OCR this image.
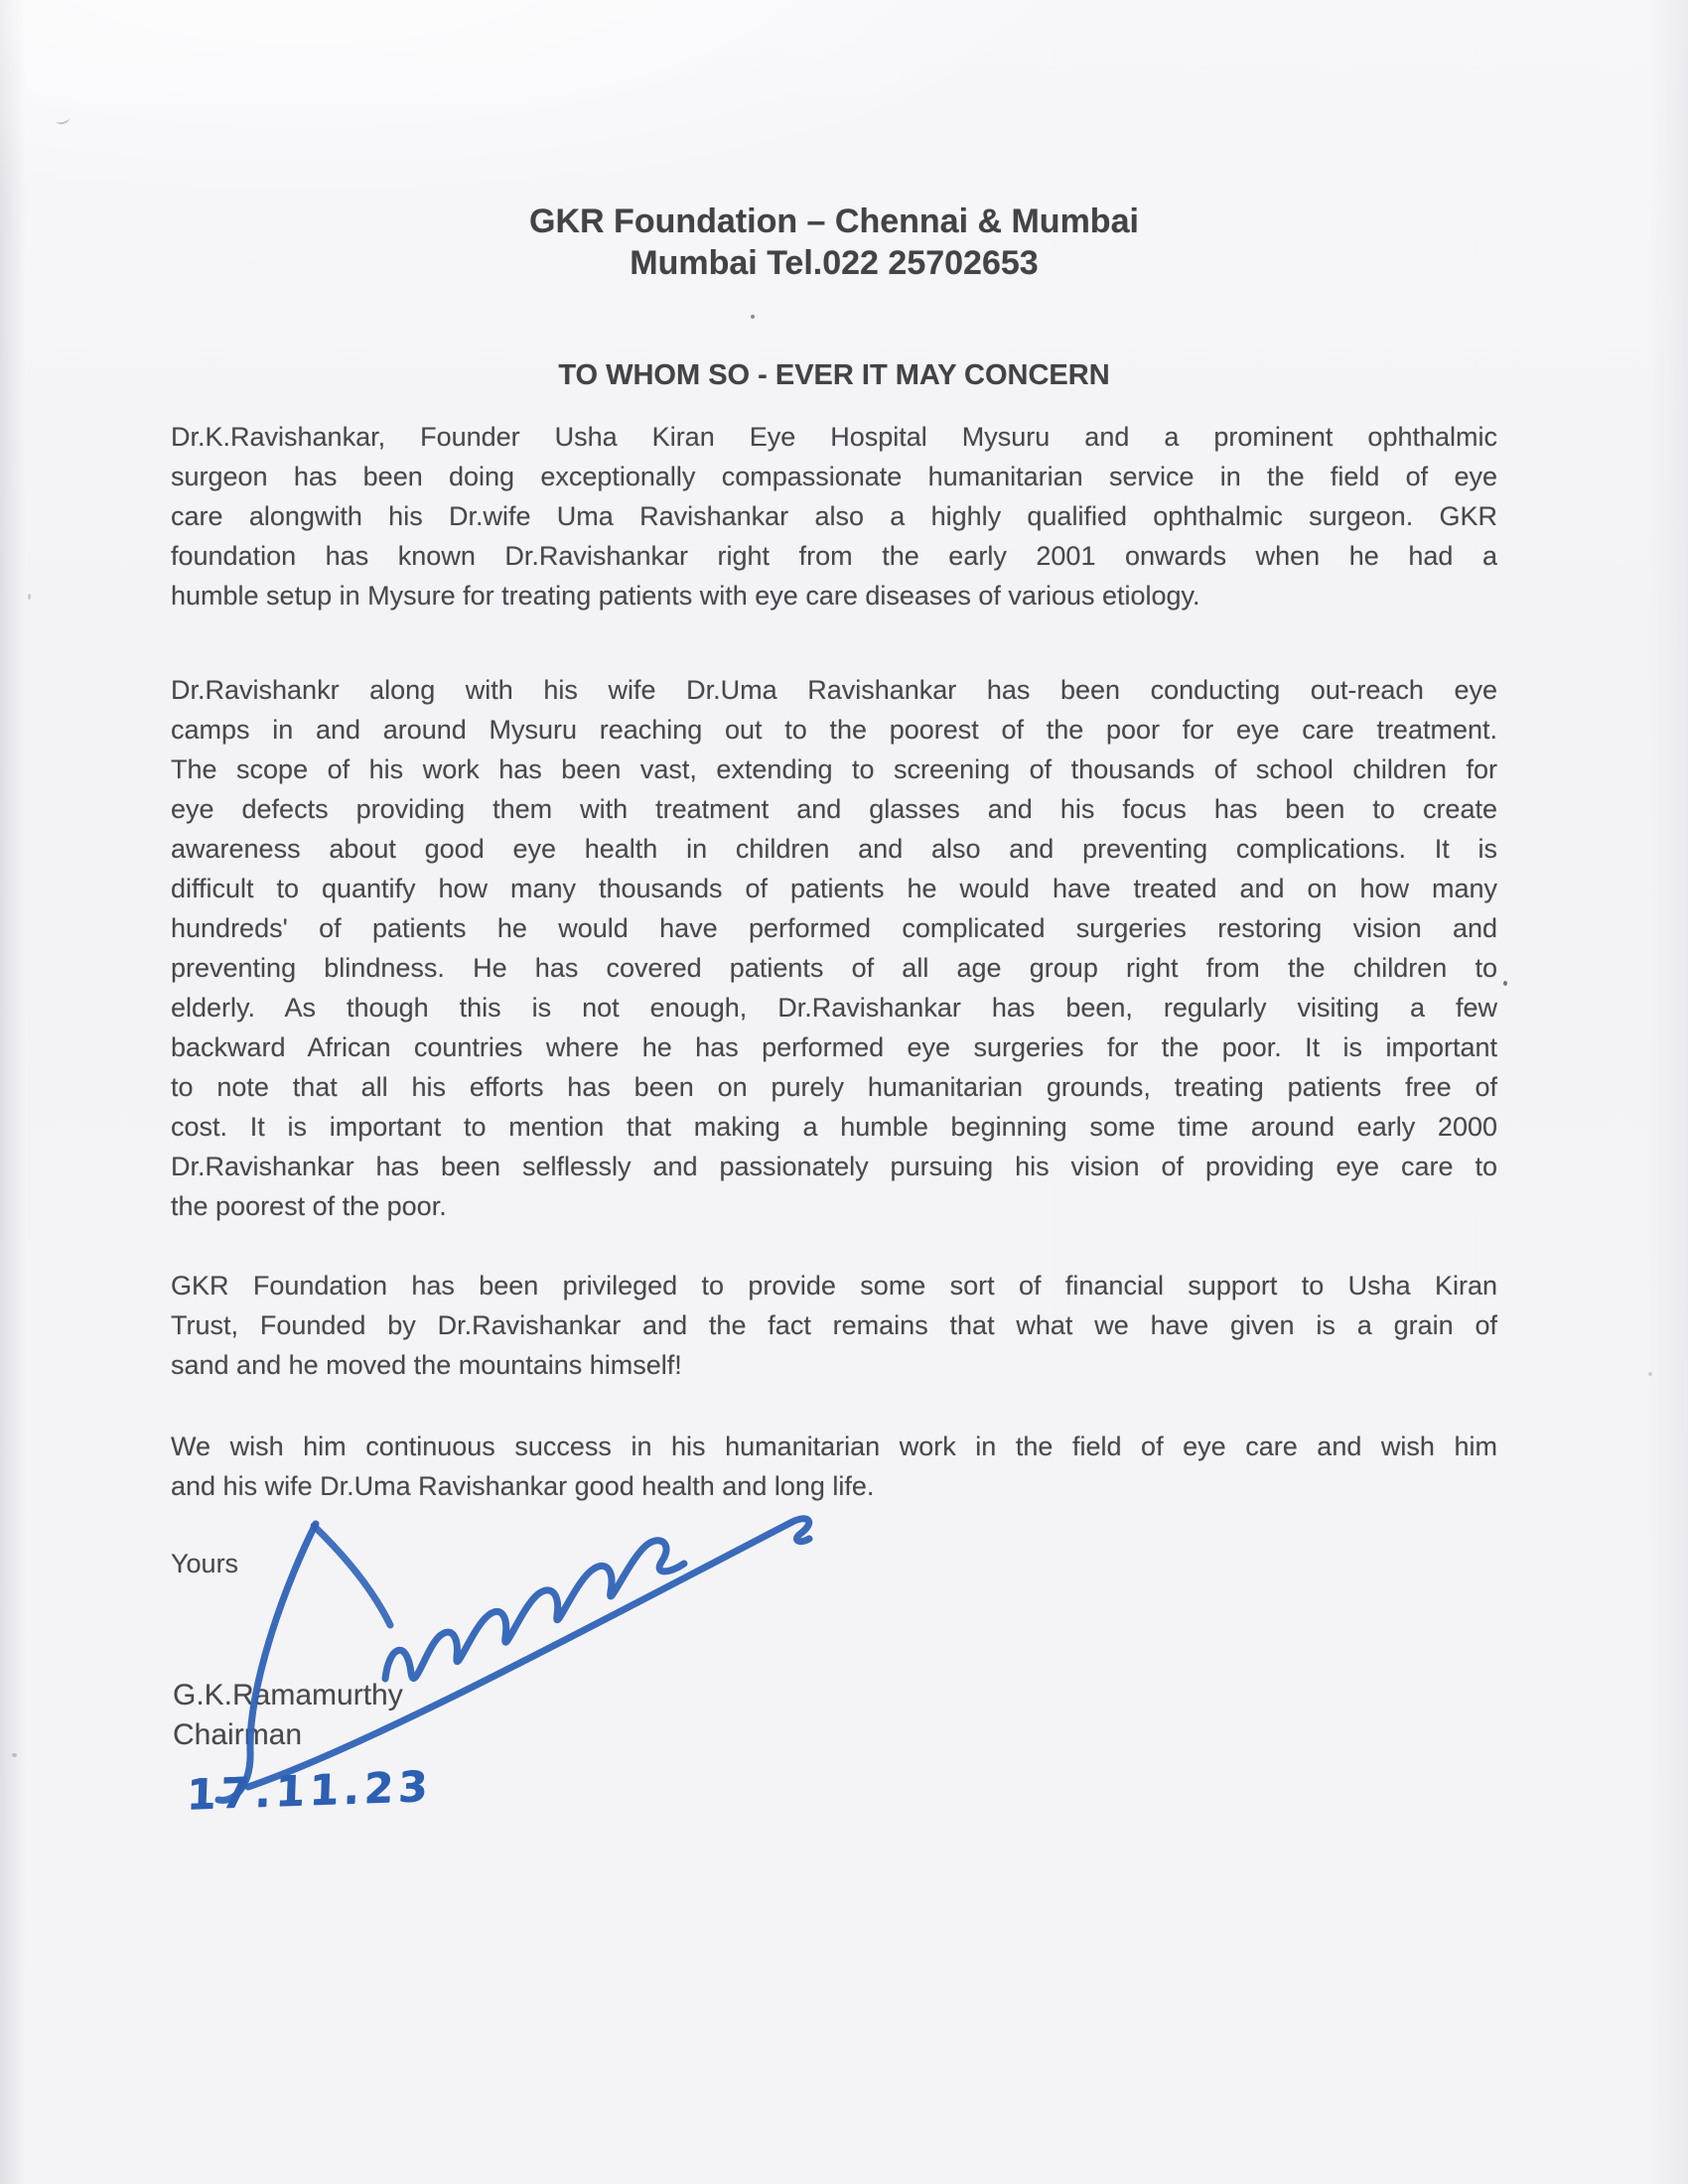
GKR Foundation – Chennai & Mumbai
Mumbai Tel.022 25702653
TO WHOM SO - EVER IT MAY CONCERN
Dr.K.Ravishankar, Founder Usha Kiran Eye Hospital Mysuru and a prominent ophthalmic
surgeon has been doing exceptionally compassionate humanitarian service in the field of eye
care alongwith his Dr.wife Uma Ravishankar also a highly qualified ophthalmic surgeon. GKR
foundation has known Dr.Ravishankar right from the early 2001 onwards when he had a
humble setup in Mysure for treating patients with eye care diseases of various etiology.
Dr.Ravishankr along with his wife Dr.Uma Ravishankar has been conducting out-reach eye
camps in and around Mysuru reaching out to the poorest of the poor for eye care treatment.
The scope of his work has been vast, extending to screening of thousands of school children for
eye defects providing them with treatment and glasses and his focus has been to create
awareness about good eye health in children and also and preventing complications. It is
difficult to quantify how many thousands of patients he would have treated and on how many
hundreds' of patients he would have performed complicated surgeries restoring vision and
preventing blindness. He has covered patients of all age group right from the children to
elderly. As though this is not enough, Dr.Ravishankar has been, regularly visiting a few
backward African countries where he has performed eye surgeries for the poor. It is important
to note that all his efforts has been on purely humanitarian grounds, treating patients free of
cost. It is important to mention that making a humble beginning some time around early 2000
Dr.Ravishankar has been selflessly and passionately pursuing his vision of providing eye care to
the poorest of the poor.
GKR Foundation has been privileged to provide some sort of financial support to Usha Kiran
Trust, Founded by Dr.Ravishankar and the fact remains that what we have given is a grain of
sand and he moved the mountains himself!
We wish him continuous success in his humanitarian work in the field of eye care and wish him
and his wife Dr.Uma Ravishankar good health and long life.
Yours
G.K.Ramamurthy
Chairman
17.11.23
